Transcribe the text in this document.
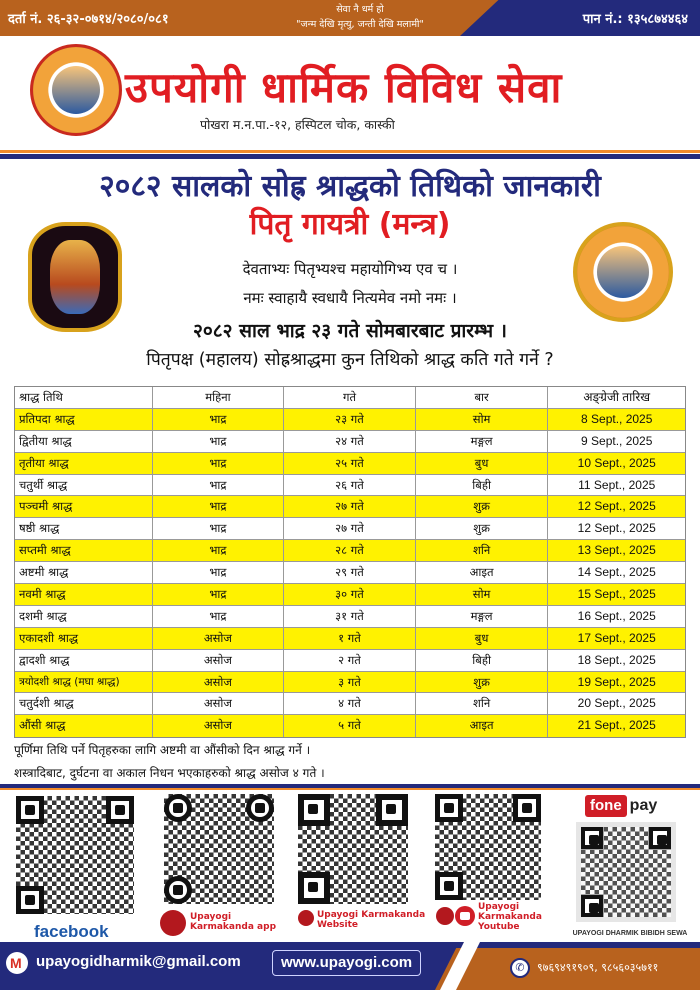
दर्ता नं. २६-३२-०७१४/२०८०/०८१
सेवा नै धर्म हो
"जन्म देखि मृत्यु, जन्ती देखि मलामी"	पान नं.: १३५८७४४६४
उपयोगी धार्मिक विविध सेवा
पोखरा म.न.पा.-१२, हस्पिटल चोक, कास्की
२०८२ सालको सोह्र श्राद्धको तिथिको जानकारी
पितृ गायत्री (मन्त्र)
देवताभ्यः पितृभ्यश्च महायोगिभ्य एव च ।
नमः स्वाहायै स्वधायै नित्यमेव नमो नमः ।
२०८२ साल भाद्र २३ गते सोमबारबाट प्रारम्भ ।
पितृपक्ष (महालय) सोह्रश्राद्धमा कुन तिथिको श्राद्ध कति गते गर्ने ?
श्राद्ध तिथि	महिना	गते	बार	अङ्ग्रेजी तारिख
प्रतिपदा श्राद्ध	भाद्र	२३ गते	सोम	8 Sept., 2025
द्वितीया श्राद्ध	भाद्र	२४ गते	मङ्गल	9 Sept., 2025
तृतीया श्राद्ध	भाद्र	२५ गते	बुध	10 Sept., 2025
चतुर्थी श्राद्ध	भाद्र	२६ गते	बिही	11 Sept., 2025
पञ्चमी श्राद्ध	भाद्र	२७ गते	शुक्र	12 Sept., 2025
षष्ठी श्राद्ध	भाद्र	२७ गते	शुक्र	12 Sept., 2025
सप्तमी श्राद्ध	भाद्र	२८ गते	शनि	13 Sept., 2025
अष्टमी श्राद्ध	भाद्र	२९ गते	आइत	14 Sept., 2025
नवमी श्राद्ध	भाद्र	३० गते	सोम	15 Sept., 2025
दशमी श्राद्ध	भाद्र	३१ गते	मङ्गल	16 Sept., 2025
एकादशी श्राद्ध	असोज	१ गते	बुध	17 Sept., 2025
द्वादशी श्राद्ध	असोज	२ गते	बिही	18 Sept., 2025
त्रयोदशी श्राद्ध (मघा श्राद्ध)	असोज	३ गते	शुक्र	19 Sept., 2025
चतुर्दशी श्राद्ध	असोज	४ गते	शनि	20 Sept., 2025
औंसी श्राद्ध	असोज	५ गते	आइत	21 Sept., 2025
पूर्णिमा तिथि पर्ने पितृहरुका लागि अष्टमी वा औंसीको दिन श्राद्ध गर्ने ।
शस्त्रादिबाट, दुर्घटना वा अकाल निधन भएकाहरुको श्राद्ध असोज ४ गते ।
facebook
Upayogi
Karmakanda app
Upayogi Karmakanda
Website
Upayogi
Karmakanda
Youtube
fone pay
UPAYOGI DHARMIK BIBIDH SEWA
M upayogidharmik@gmail.com	www.upayogi.com	✆	९७६९४९१९०९, ९८५६०३५७११
